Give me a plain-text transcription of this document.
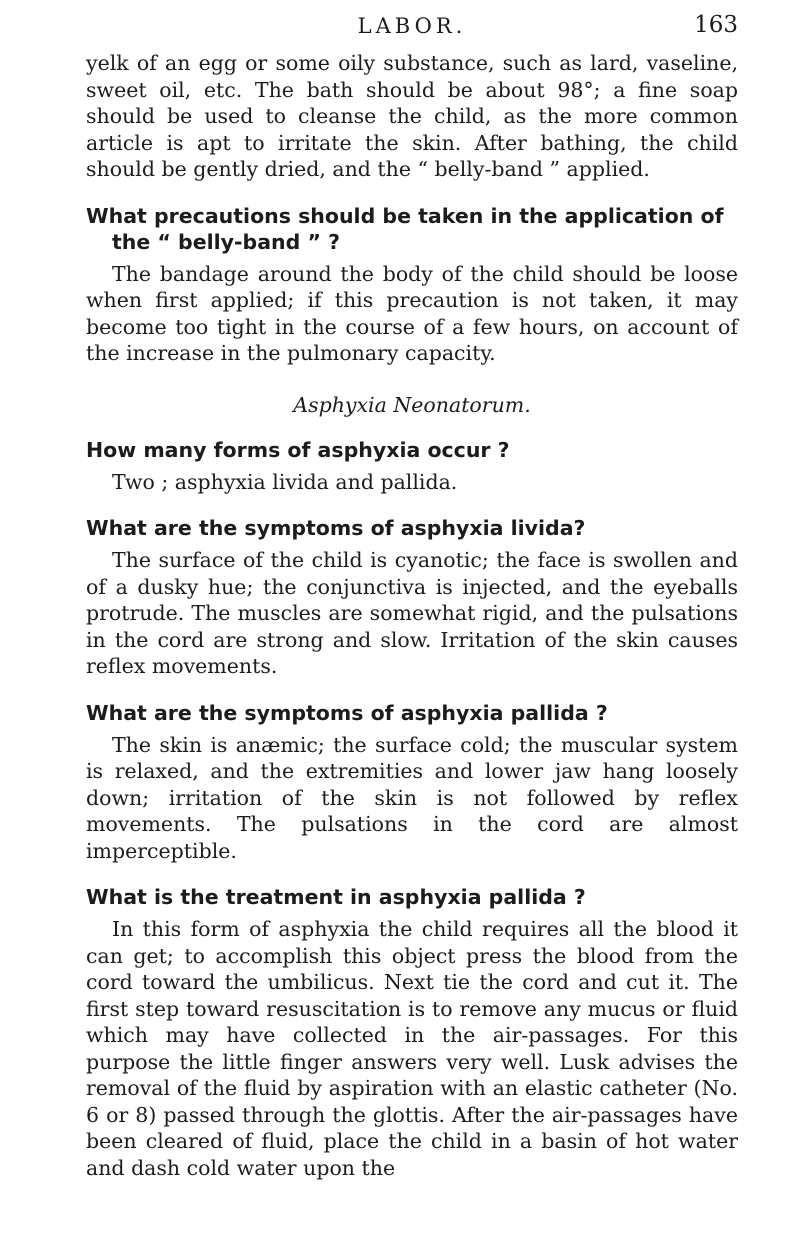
LABOR.	163

yelk of an egg or some oily substance, such as lard, vaseline, sweet oil, etc. The bath should be about 98°; a fine soap should be used to cleanse the child, as the more common article is apt to irritate the skin. After bathing, the child should be gently dried, and the “ belly-band ” applied.

What precautions should be taken in the application of the “ belly-band ” ?

The bandage around the body of the child should be loose when first applied; if this precaution is not taken, it may become too tight in the course of a few hours, on account of the increase in the pulmonary capacity.

Asphyxia Neonatorum.

How many forms of asphyxia occur ?

Two ; asphyxia livida and pallida.

What are the symptoms of asphyxia livida?

The surface of the child is cyanotic; the face is swollen and of a dusky hue; the conjunctiva is injected, and the eyeballs protrude. The muscles are somewhat rigid, and the pulsations in the cord are strong and slow. Irritation of the skin causes reflex movements.

What are the symptoms of asphyxia pallida ?

The skin is anæmic; the surface cold; the muscular system is relaxed, and the extremities and lower jaw hang loosely down; irritation of the skin is not followed by reflex movements. The pulsations in the cord are almost imperceptible.

What is the treatment in asphyxia pallida ?

In this form of asphyxia the child requires all the blood it can get; to accomplish this object press the blood from the cord toward the umbilicus. Next tie the cord and cut it. The first step toward resuscitation is to remove any mucus or fluid which may have collected in the air-passages. For this purpose the little finger answers very well. Lusk advises the removal of the fluid by aspiration with an elastic catheter (No. 6 or 8) passed through the glottis. After the air-passages have been cleared of fluid, place the child in a basin of hot water and dash cold water upon the
